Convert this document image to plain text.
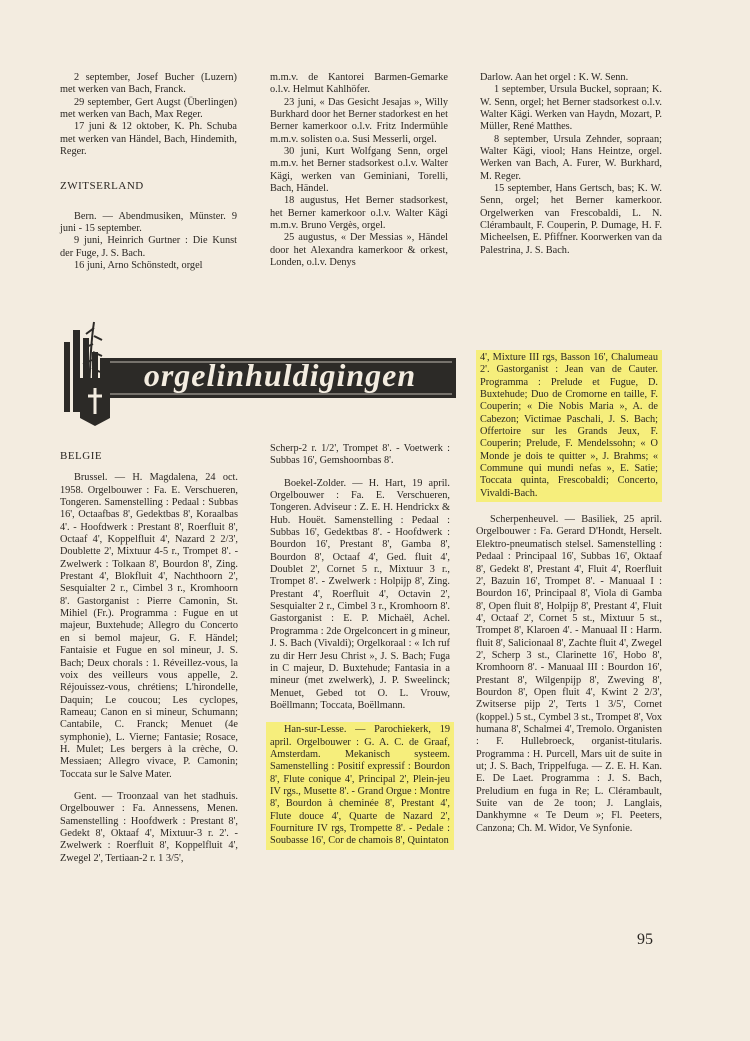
2 september, Josef Bucher (Luzern) met werken van Bach, Franck.

29 september, Gert Augst (Überlingen) met werken van Bach, Max Reger.

17 juni & 12 oktober, K. Ph. Schuba met werken van Händel, Bach, Hindemith, Reger.

ZWITSERLAND

Bern. — Abendmusiken, Münster. 9 juni - 15 september.

9 juni, Heinrich Gurtner : Die Kunst der Fuge, J. S. Bach.

16 juni, Arno Schönstedt, orgel

m.m.v. de Kantorei Barmen-Gemarke o.l.v. Helmut Kahlhöfer.

23 juni, « Das Gesicht Jesajas », Willy Burkhard door het Berner stadorkest en het Berner kamerkoor o.l.v. Fritz Indermühle m.m.v. solisten o.a. Susi Messerli, orgel.

30 juni, Kurt Wolfgang Senn, orgel m.m.v. het Berner stadsorkest o.l.v. Walter Kägi, werken van Geminiani, Torelli, Bach, Händel.

18 augustus, Het Berner stadsorkest, het Berner kamerkoor o.l.v. Walter Kägi m.m.v. Bruno Vergès, orgel.

25 augustus, « Der Messias », Händel door het Alexandra kamerkoor & orkest, Londen, o.l.v. Denys

Darlow. Aan het orgel : K. W. Senn.

1 september, Ursula Buckel, sopraan; K. W. Senn, orgel; het Berner stadsorkest o.l.v. Walter Kägi. Werken van Haydn, Mozart, P. Müller, René Matthes.

8 september, Ursula Zehnder, sopraan; Walter Kägi, viool; Hans Heintze, orgel. Werken van Bach, A. Furer, W. Burkhard, M. Reger.

15 september, Hans Gertsch, bas; K. W. Senn, orgel; het Berner kamerkoor. Orgelwerken van Frescobaldi, L. N. Clérambault, F. Couperin, P. Dumage, H. F. Micheelsen, E. Pfiffner. Koorwerken van da Palestrina, J. S. Bach.

orgelinhuldigingen
BELGIE

Brussel. — H. Magdalena, 24 oct. 1958. Orgelbouwer : Fa. E. Verschueren, Tongeren. Samenstelling : Pedaal : Subbas 16', Octaafbas 8', Gedektbas 8', Koraalbas 4'. - Hoofdwerk : Prestant 8', Roerfluit 8', Octaaf 4', Koppelfluit 4', Nazard 2 2/3', Doublette 2', Mixtuur 4-5 r., Trompet 8'. - Zwelwerk : Tolkaan 8', Bourdon 8', Zing. Prestant 4', Blokfluit 4', Nachthoorn 2', Sesquialter 2 r., Cimbel 3 r., Kromhoorn 8'. Gastorganist : Pierre Camonin, St. Mihiel (Fr.). Programma : Fugue en ut majeur, Buxtehude; Allegro du Concerto en si bemol majeur, G. F. Händel; Fantaisie et Fugue en sol mineur, J. S. Bach; Deux chorals : 1. Réveillez-vous, la voix des veilleurs vous appelle, 2. Réjouissez-vous, chrétiens; L'hirondelle, Daquin; Le coucou; Les cyclopes, Rameau; Canon en si mineur, Schumann; Cantabile, C. Franck; Menuet (4e symphonie), L. Vierne; Fantasie; Rosace, H. Mulet; Les bergers à la crèche, O. Messiaen; Allegro vivace, P. Camonin; Toccata sur le Salve Mater.

Gent. — Troonzaal van het stadhuis. Orgelbouwer : Fa. Annessens, Menen. Samenstelling : Hoofdwerk : Prestant 8', Gedekt 8', Oktaaf 4', Mixtuur-3 r. 2'. - Zwelwerk : Roerfluit 8', Koppelfluit 4', Zwegel 2', Tertiaan-2 r. 1 3/5',

Scherp-2 r. 1/2', Trompet 8'. - Voetwerk : Subbas 16', Gemshoornbas 8'.

Boekel-Zolder. — H. Hart, 19 april. Orgelbouwer : Fa. E. Verschueren, Tongeren. Adviseur : Z. E. H. Hendrickx & Hub. Houët. Samenstelling : Pedaal : Subbas 16', Gedektbas 8'. - Hoofdwerk : Bourdon 16', Prestant 8', Gamba 8', Bourdon 8', Octaaf 4', Ged. fluit 4', Doublet 2', Cornet 5 r., Mixtuur 3 r., Trompet 8'. - Zwelwerk : Holpijp 8', Zing. Prestant 4', Roerfluit 4', Octavin 2', Sesquialter 2 r., Cimbel 3 r., Kromhoorn 8'. Gastorganist : E. P. Michaël, Achel. Programma : 2de Orgelconcert in g mineur, J. S. Bach (Vivaldi); Orgelkoraal : « Ich ruf zu dir Herr Jesu Christ », J. S. Bach; Fuga in C majeur, D. Buxtehude; Fantasia in a mineur (met zwelwerk), J. P. Sweelinck; Menuet, Gebed tot O. L. Vrouw, Boëllmann; Toccata, Boëllmann.

Han-sur-Lesse. — Parochiekerk, 19 april. Orgelbouwer : G. A. C. de Graaf, Amsterdam. Mekanisch systeem. Samenstelling : Positif expressif : Bourdon 8', Flute conique 4', Principal 2', Plein-jeu IV rgs., Musette 8'. - Grand Orgue : Montre 8', Bourdon à cheminée 8', Prestant 4', Flute douce 4', Quarte de Nazard 2', Fourniture IV rgs, Trompette 8'. - Pedale : Soubasse 16', Cor de chamois 8', Quintaton

4', Mixture III rgs, Basson 16', Chalumeau 2'. Gastorganist : Jean van de Cauter. Programma : Prelude et Fugue, D. Buxtehude; Duo de Cromorne en taille, F. Couperin; « Die Nobis Maria », A. de Cabezon; Victimae Paschali, J. S. Bach; Offertoire sur les Grands Jeux, F. Couperin; Prelude, F. Mendelssohn; « O Monde je dois te quitter », J. Brahms; « Commune qui mundi nefas », E. Satie; Toccata quinta, Frescobaldi; Concerto, Vivaldi-Bach.

Scherpenheuvel. — Basiliek, 25 april. Orgelbouwer : Fa. Gerard D'Hondt, Herselt. Elektro-pneumatisch stelsel. Samenstelling : Pedaal : Principaal 16', Subbas 16', Oktaaf 8', Gedekt 8', Prestant 4', Fluit 4', Roerfluit 2', Bazuin 16', Trompet 8'. - Manuaal I : Bourdon 16', Principaal 8', Viola di Gamba 8', Open fluit 8', Holpijp 8', Prestant 4', Fluit 4', Octaaf 2', Cornet 5 st., Mixtuur 5 st., Trompet 8', Klaroen 4'. - Manuaal II : Harm. fluit 8', Salicionaal 8', Zachte fluit 4', Zwegel 2', Scherp 3 st., Clarinette 16', Hobo 8', Kromhoorn 8'. - Manuaal III : Bourdon 16', Prestant 8', Wilgenpijp 8', Zweving 8', Bourdon 8', Open fluit 4', Kwint 2 2/3', Zwitserse pijp 2', Terts 1 3/5', Cornet (koppel.) 5 st., Cymbel 3 st., Trompet 8', Vox humana 8', Schalmei 4', Tremolo. Organisten : F. Hullebroeck, organist-titularis. Programma : H. Purcell, Mars uit de suite in ut; J. S. Bach, Trippelfuga. — Z. E. H. Kan. E. De Laet. Programma : J. S. Bach, Preludium en fuga in Re; L. Clérambault, Suite van de 2e toon; J. Langlais, Dankhymne « Te Deum »; Fl. Peeters, Canzona; Ch. M. Widor, Ve Synfonie.

95
